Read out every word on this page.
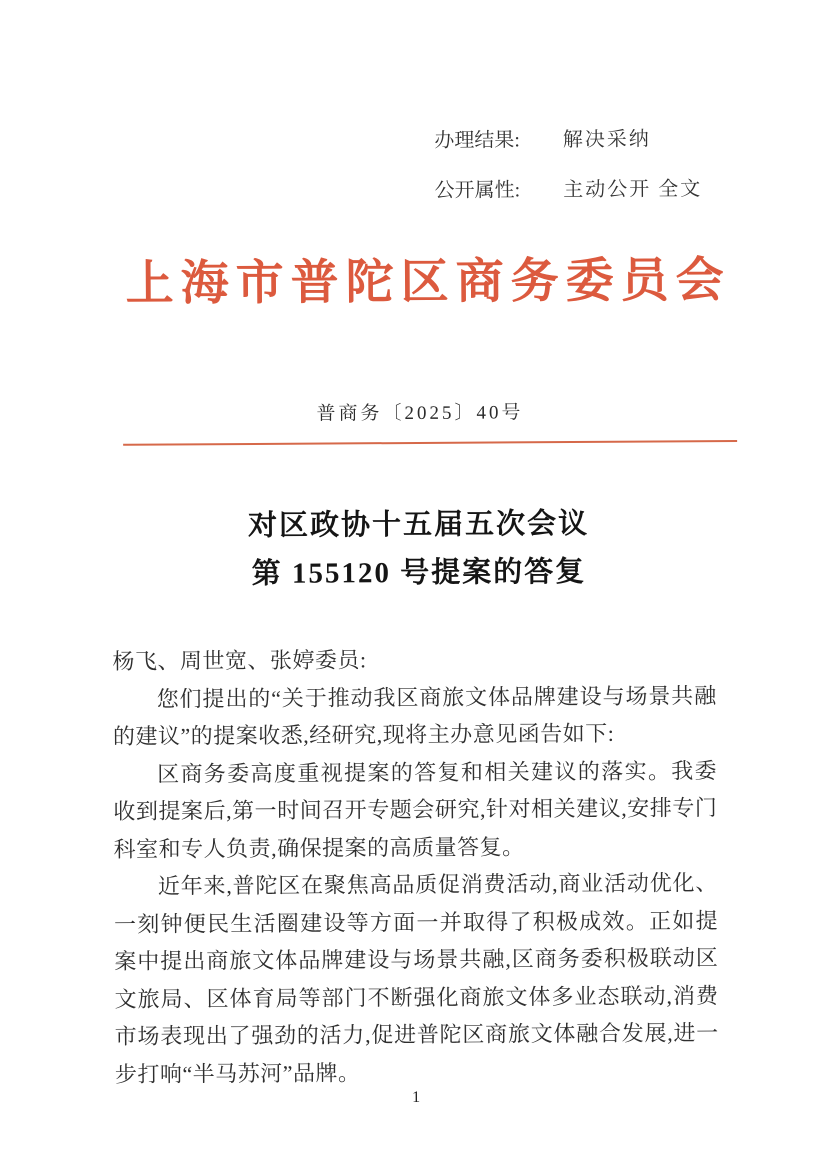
办理结果: 解决采纳
公开属性: 主动公开 全文
上海市普陀区商务委员会
普商务〔2025〕40号
对区政协十五届五次会议
第 155120 号提案的答复

杨飞、周世宽、张婷委员:

您们提出的“关于推动我区商旅文体品牌建设与场景共融的建议”的提案收悉,经研究,现将主办意见函告如下:

区商务委高度重视提案的答复和相关建议的落实。我委收到提案后,第一时间召开专题会研究,针对相关建议,安排专门科室和专人负责,确保提案的高质量答复。

近年来,普陀区在聚焦高品质促消费活动,商业活动优化、一刻钟便民生活圈建设等方面一并取得了积极成效。正如提案中提出商旅文体品牌建设与场景共融,区商务委积极联动区文旅局、区体育局等部门不断强化商旅文体多业态联动,消费市场表现出了强劲的活力,促进普陀区商旅文体融合发展,进一步打响“半马苏河”品牌。

1
